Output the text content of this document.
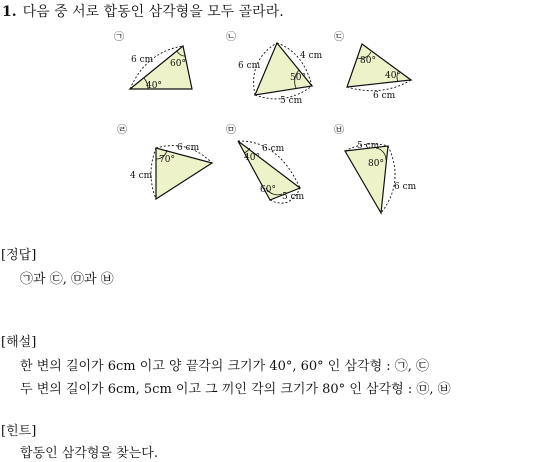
1. 다음 중 서로 합동인 삼각형을 모두 골라라.
㉠
6 cm 60°
40°
㉡
6 cm
4 cm
50°
5 cm
㉢
80°
40°
6 cm
㉣
6 cm
70°
4 cm
㉤
6 cm
40°
60°
5 cm
㉥
5 cm
80°
6 cm
[정답]
㉠과 ㉢, ㉤과 ㉥
[해설]
한 변의 길이가 6cm 이고 양 끝각의 크기가 40°, 60° 인 삼각형 : ㉠, ㉢
두 변의 길이가 6cm, 5cm 이고 그 끼인 각의 크기가 80° 인 삼각형 : ㉤, ㉥
[힌트]
합동인 삼각형을 찾는다.
